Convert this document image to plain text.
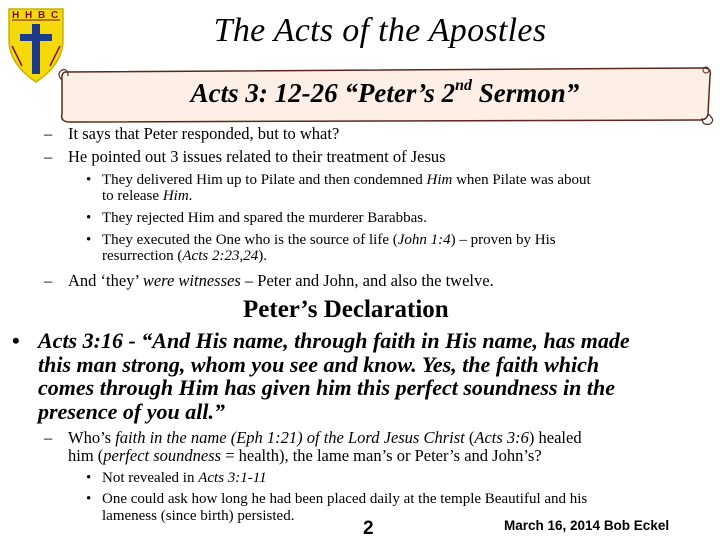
H H B C	The Acts of the Apostles
Acts 3: 12-26 “Peter’s 2nd Sermon”
– It says that Peter responded, but to what?
– He pointed out 3 issues related to their treatment of Jesus
• They delivered Him up to Pilate and then condemned Him when Pilate was about
to release Him.
• They rejected Him and spared the murderer Barabbas.
• They executed the One who is the source of life (John 1:4) – proven by His
resurrection (Acts 2:23,24).
– And ‘they’ were witnesses – Peter and John, and also the twelve.
Peter’s Declaration
• Acts 3:16 - “And His name, through faith in His name, has made
this man strong, whom you see and know. Yes, the faith which
comes through Him has given him this perfect soundness in the
presence of you all.”
– Who’s faith in the name (Eph 1:21) of the Lord Jesus Christ (Acts 3:6) healed
him (perfect soundness = health), the lame man’s or Peter’s and John’s?
• Not revealed in Acts 3:1-11
• One could ask how long he had been placed daily at the temple Beautiful and his
lameness (since birth) persisted.
2	March 16, 2014 Bob Eckel
